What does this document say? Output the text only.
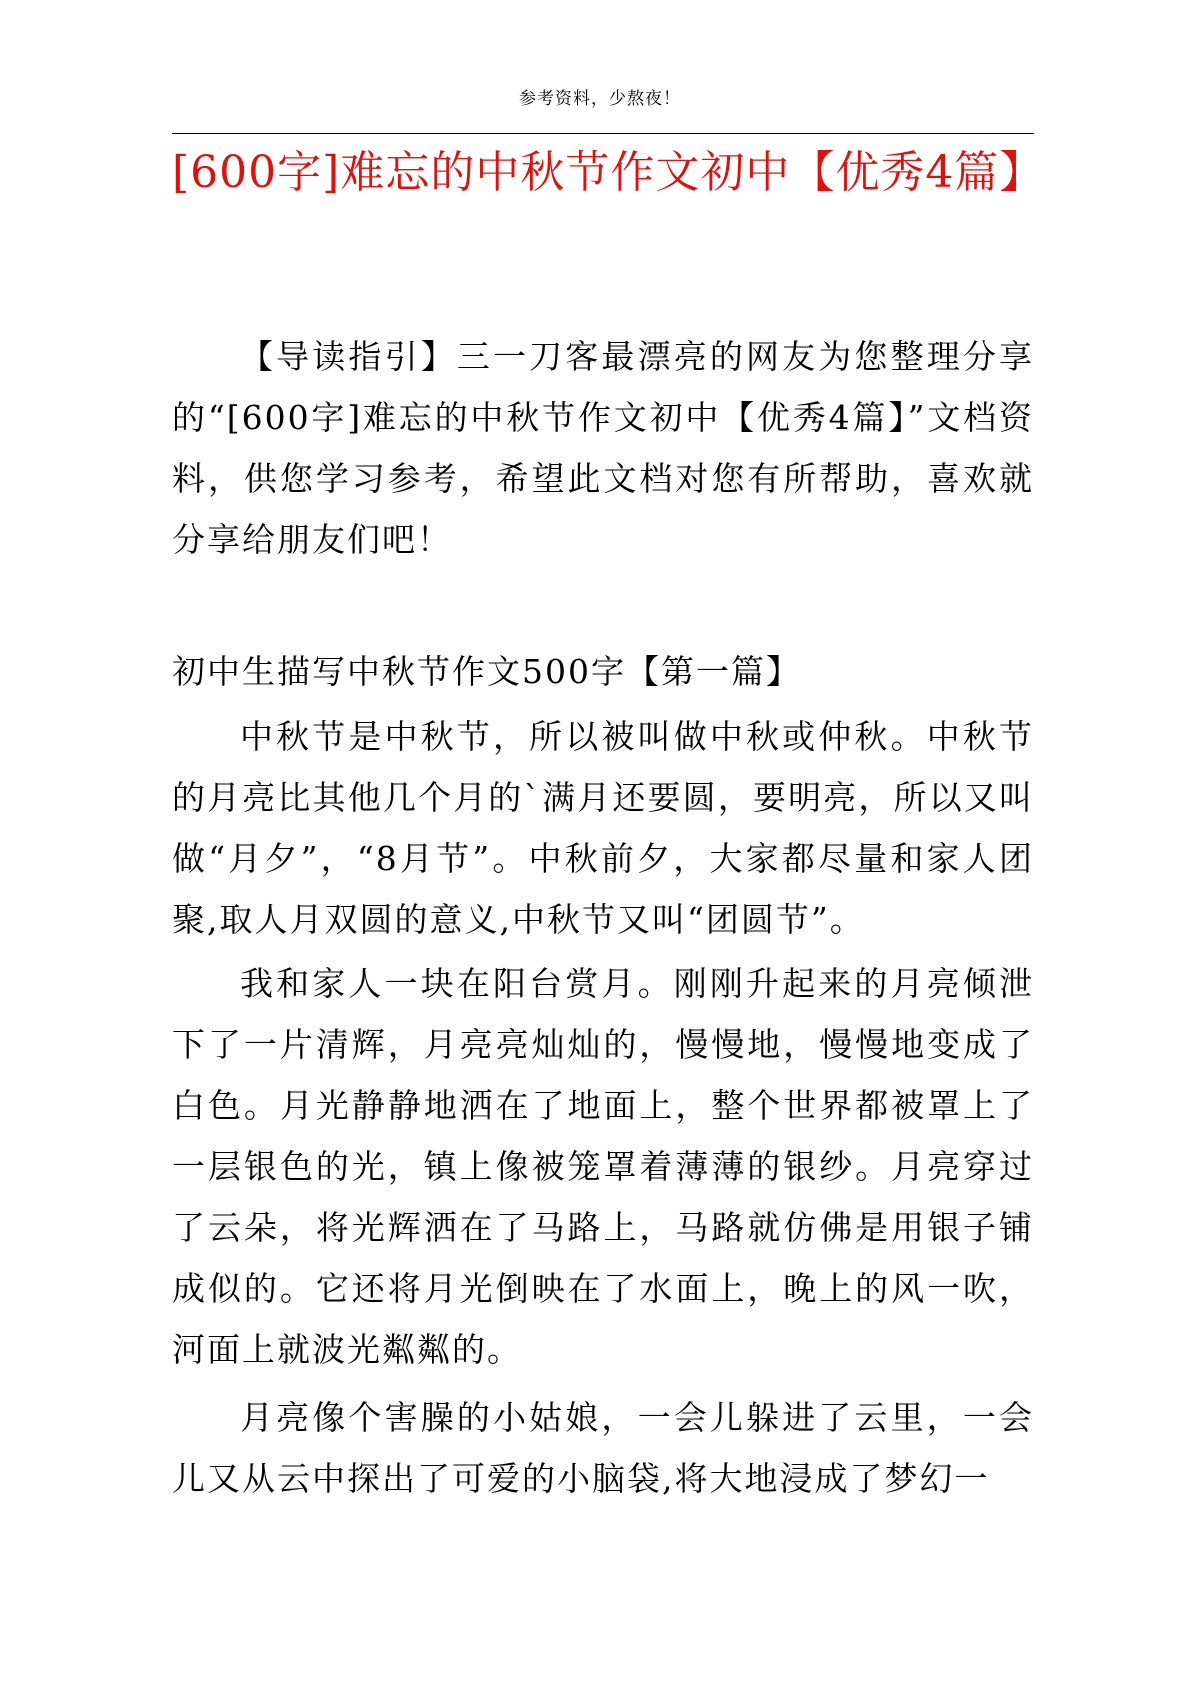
参考资料，少熬夜！
[600字]难忘的中秋节作文初中【优秀4篇】

【导读指引】三一刀客最漂亮的网友为您整理分享的“[600字]难忘的中秋节作文初中【优秀4篇】”文档资料，供您学习参考，希望此文档对您有所帮助，喜欢就分享给朋友们吧！

初中生描写中秋节作文500字【第一篇】

中秋节是中秋节，所以被叫做中秋或仲秋。中秋节的月亮比其他几个月的`满月还要圆，要明亮，所以又叫做“月夕”，“8月节”。中秋前夕，大家都尽量和家人团聚,取人月双圆的意义,中秋节又叫“团圆节”。

我和家人一块在阳台赏月。刚刚升起来的月亮倾泄下了一片清辉，月亮亮灿灿的，慢慢地，慢慢地变成了白色。月光静静地洒在了地面上，整个世界都被罩上了一层银色的光，镇上像被笼罩着薄薄的银纱。月亮穿过了云朵，将光辉洒在了马路上，马路就仿佛是用银子铺成似的。它还将月光倒映在了水面上，晚上的风一吹，河面上就波光粼粼的。

月亮像个害臊的小姑娘，一会儿躲进了云里，一会儿又从云中探出了可爱的小脑袋,将大地浸成了梦幻一
